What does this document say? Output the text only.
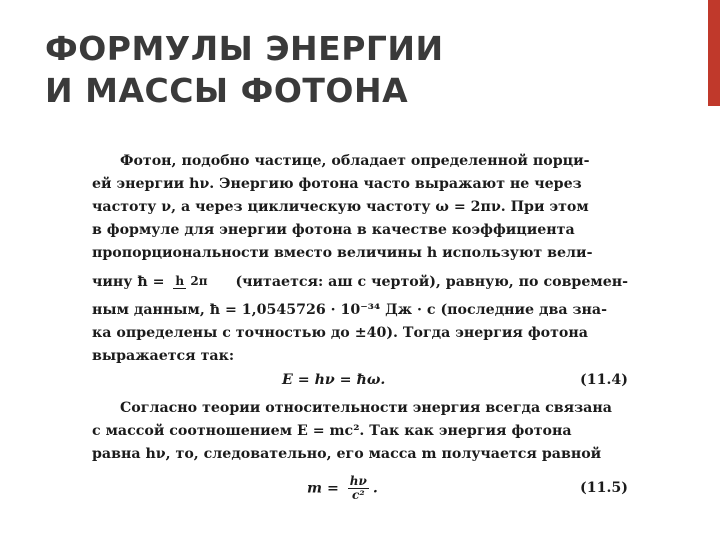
ФОРМУЛЫ ЭНЕРГИИ
И МАССЫ ФОТОНА
Фотон, подобно частице, обладает определенной порци-
ей энергии hν. Энергию фотона часто выражают не через
частоту ν, а через циклическую частоту ω = 2πν. При этом
в формуле для энергии фотона в качестве коэффициента
пропорциональности вместо величины h используют вели-
чину ħ = h 2π (читается: аш с чертой), равную, по современ-
ным данным, ħ = 1,0545726 · 10⁻³⁴ Дж · с (последние два зна-
ка определены с точностью до ±40). Тогда энергия фотона
выражается так:
E = hν = ħω.	(11.4)
Согласно теории относительности энергия всегда связана
с массой соотношением E = mc². Так как энергия фотона
равна hν, то, следовательно, его масса m получается равной
$m = \frac{h\nu}{\text{c²}}$ .	(11.5)
